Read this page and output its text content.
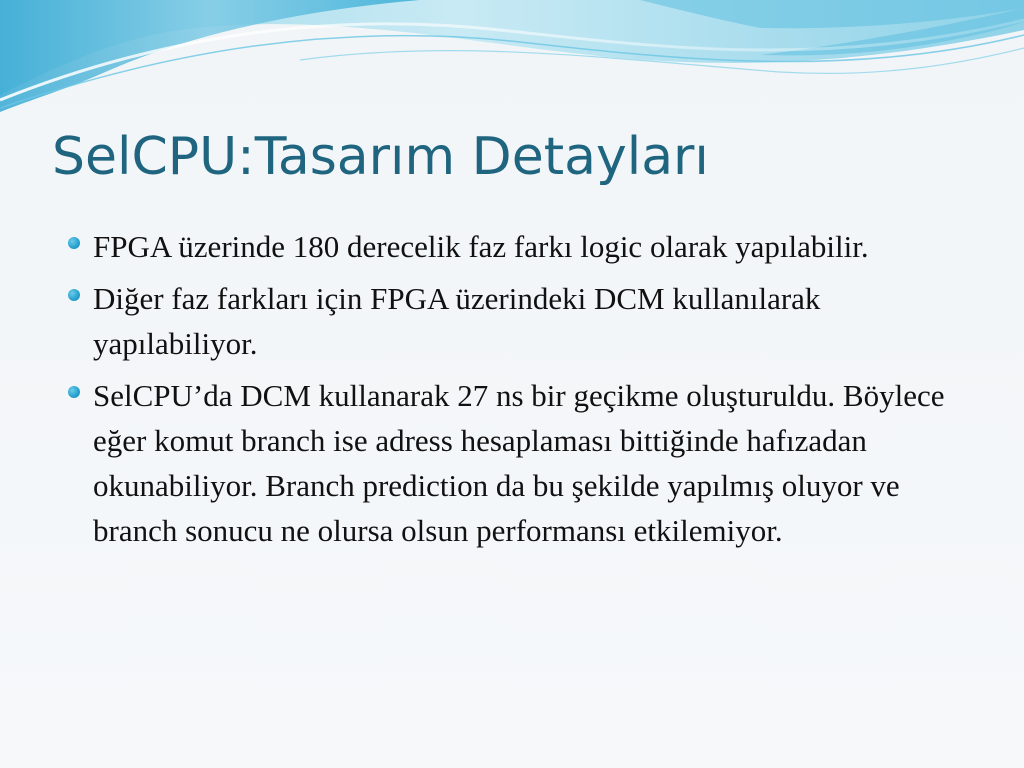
SelCPU:Tasarım Detayları
FPGA üzerinde 180 derecelik faz farkı logic olarak yapılabilir.
Diğer faz farkları için FPGA üzerindeki DCM kullanılarak yapılabiliyor.
SelCPU’da DCM kullanarak 27 ns bir geçikme oluşturuldu. Böylece eğer komut branch ise adress hesaplaması bittiğinde hafızadan okunabiliyor. Branch prediction da bu şekilde yapılmış oluyor ve branch sonucu ne olursa olsun performansı etkilemiyor.
